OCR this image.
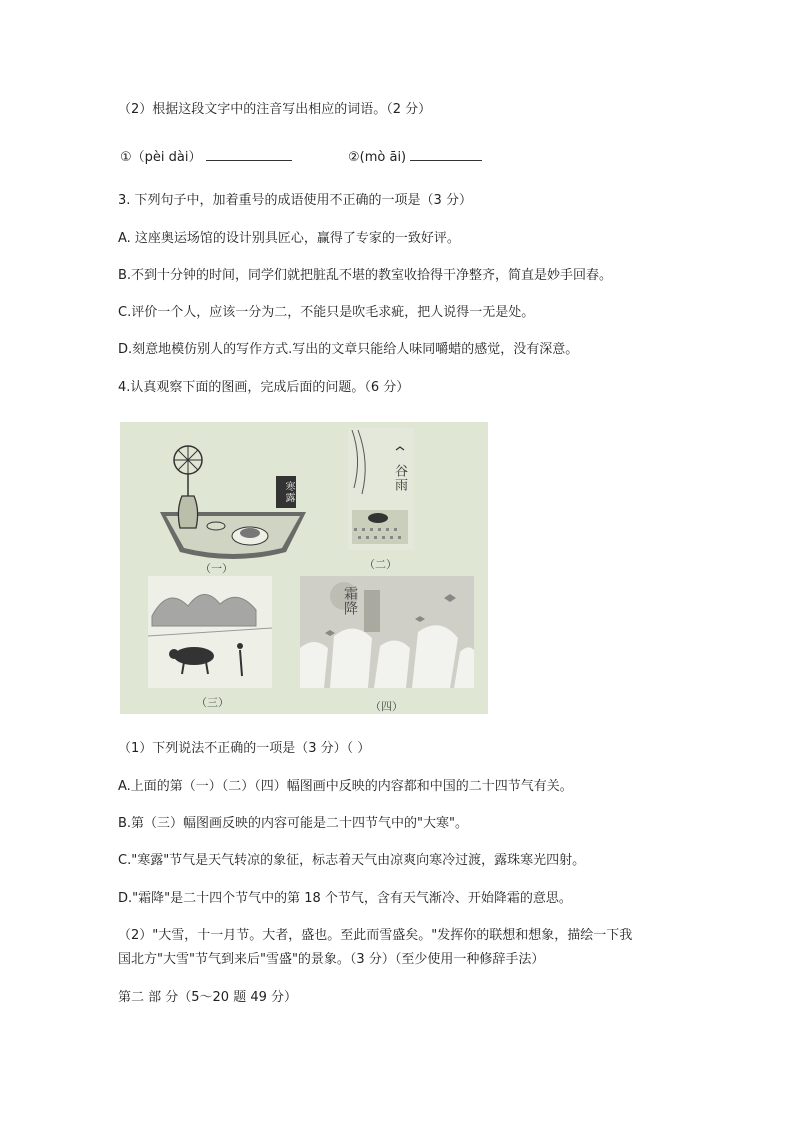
（2）根据这段文字中的注音写出相应的词语。（2 分）
①（pèi dài）	②(mò āi)
3. 下列句子中，加着重号的成语使用不正确的一项是（3 分）
A. 这座奥运场馆的设计别具匠心，赢得了专家的一致好评。
B.不到十分钟的时间，同学们就把脏乱不堪的教室收拾得干净整齐，简直是妙手回春。
C.评价一个人，应该一分为二，不能只是吹毛求疵，把人说得一无是处。
D.刻意地模仿别人的写作方式.写出的文章只能给人味同嚼蜡的感觉，没有深意。
4.认真观察下面的图画，完成后面的问题。（6 分）
寒露
（一）
谷雨
（二）
（三）
霜降
（四）
（1）下列说法不正确的一项是（3 分）（ ）
A.上面的第（一）（二）（四）幅图画中反映的内容都和中国的二十四节气有关。
B.第（三）幅图画反映的内容可能是二十四节气中的"大寒"。
C."寒露"节气是天气转凉的象征，标志着天气由凉爽向寒冷过渡，露珠寒光四射。
D."霜降"是二十四个节气中的第 18 个节气，含有天气渐冷、开始降霜的意思。
（2）"大雪，十一月节。大者，盛也。至此而雪盛矣。"发挥你的联想和想象，描绘一下我
国北方"大雪"节气到来后"雪盛"的景象。（3 分）（至少使用一种修辞手法）
第二 部 分（5～20 题 49 分）
